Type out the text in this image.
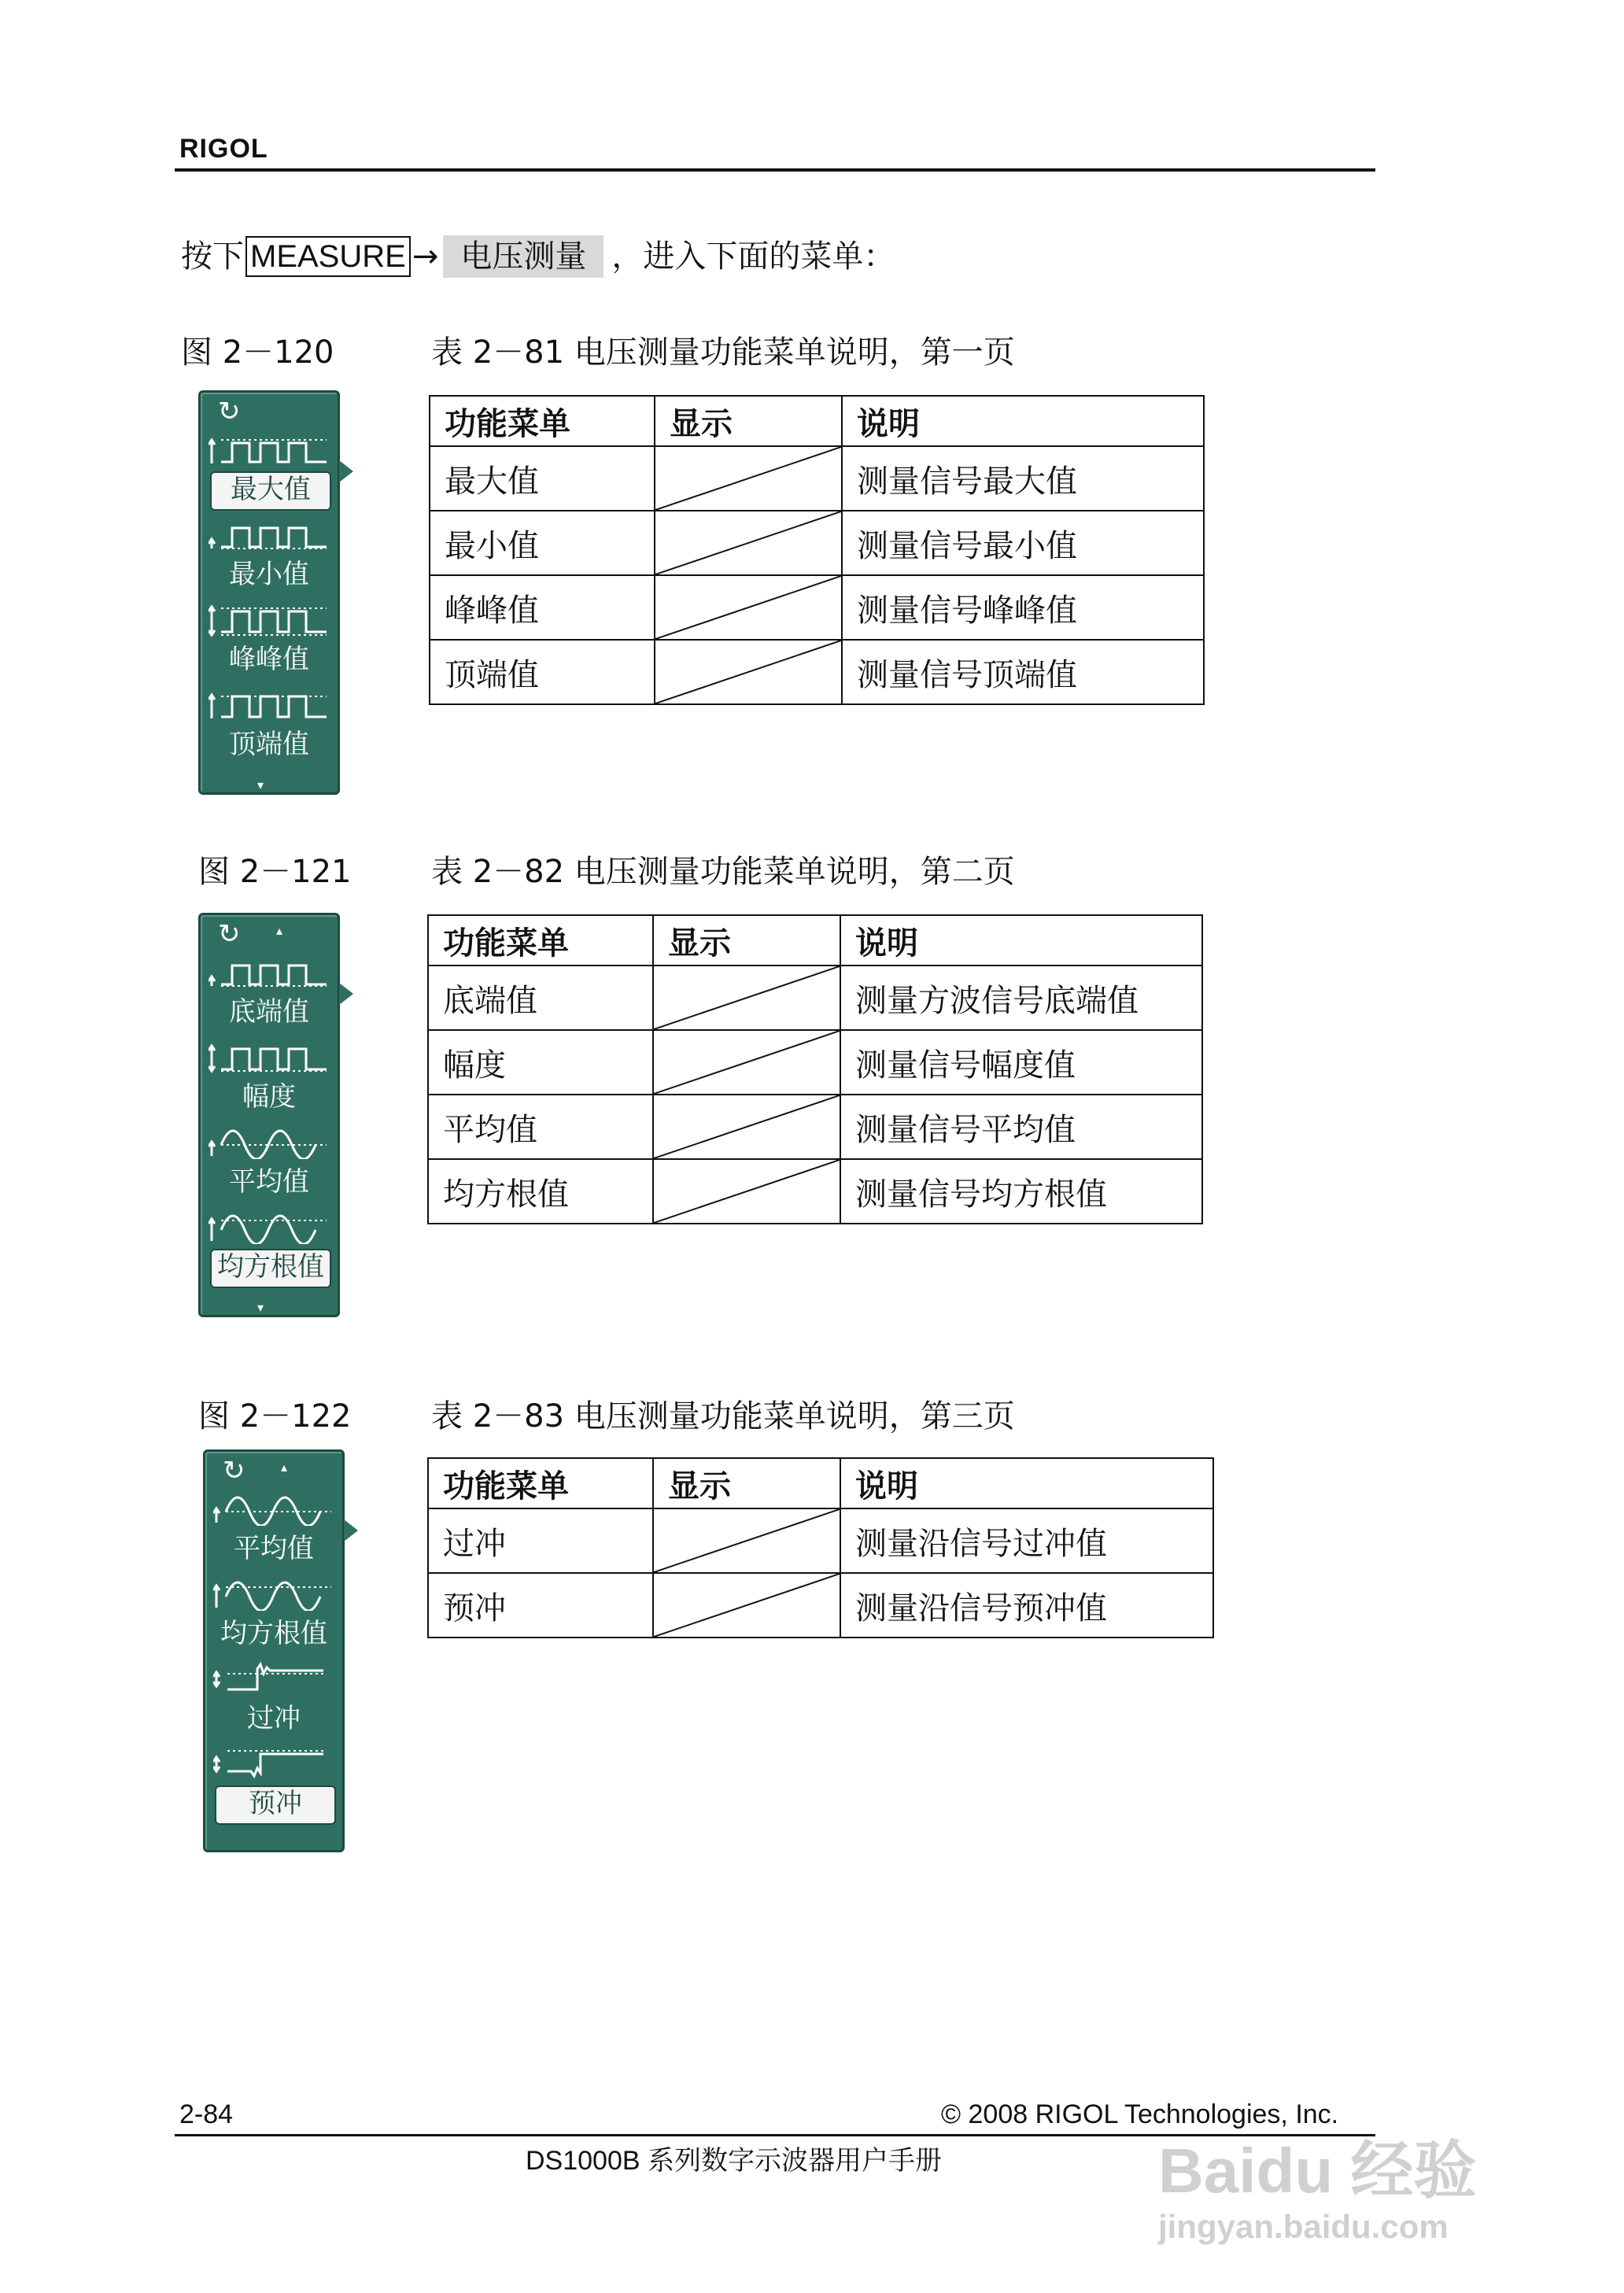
RIGOL
按下 MEASURE → 电压测量 ，进入下面的菜单：
图 2－120	表 2－81 电压测量功能菜单说明，第一页
↻
最大值
最小值
峰峰值
顶端值
▾
功能菜单	显示	说明
最大值		测量信号最大值
最小值		测量信号最小值
峰峰值		测量信号峰峰值
顶端值		测量信号顶端值
图 2－121	表 2－82 电压测量功能菜单说明，第二页
↻	▴
底端值
幅度
平均值
均方根值
▾
功能菜单	显示	说明
底端值		测量方波信号底端值
幅度		测量信号幅度值
平均值		测量信号平均值
均方根值		测量信号均方根值
图 2－122	表 2－83 电压测量功能菜单说明，第三页
↻	▴
平均值
均方根值
过冲
预冲
功能菜单	显示	说明
过冲		测量沿信号过冲值
预冲		测量沿信号预冲值
2-84	© 2008 RIGOL Technologies, Inc.
DS1000B 系列数字示波器用户手册	Baidu 经验
jingyan.baidu.com
